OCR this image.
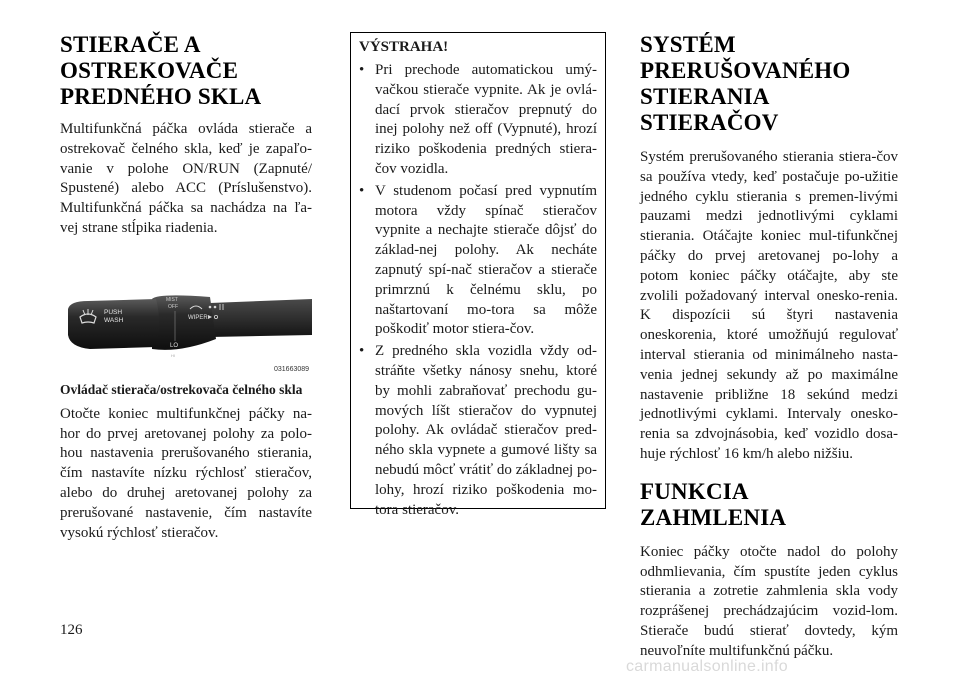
STIERAČE A
OSTREKOVAČE
PREDNÉHO SKLA

Multifunkčná páčka ovláda stierače a ostrekovač čelného skla, keď je zapaľo-vanie v polohe ON/RUN (Zapnuté/ Spustené) alebo ACC (Príslušenstvo). Multifunkčná páčka sa nachádza na ľa-vej strane stĺpika riadenia.

PUSH
WASH
MIST
OFF
WIPER
LO
HI
031663089
Ovládač stierača/ostrekovača čelného skla

Otočte koniec multifunkčnej páčky na-hor do prvej aretovanej polohy za polo-hou nastavenia prerušovaného stierania, čím nastavíte nízku rýchlosť stieračov, alebo do druhej aretovanej polohy za prerušované nastavenie, čím nastavíte vysokú rýchlosť stieračov.

VÝSTRAHA!
• Pri prechode automatickou umý-vačkou stierače vypnite. Ak je ovlá-dací prvok stieračov prepnutý do inej polohy než off (Vypnuté), hrozí riziko poškodenia predných stiera-čov vozidla.
• V studenom počasí pred vypnutím motora vždy spínač stieračov vypnite a nechajte stierače dôjsť do základ-nej polohy. Ak necháte zapnutý spí-nač stieračov a stierače primrznú k čelnému sklu, po naštartovaní mo-tora sa môže poškodiť motor stiera-čov.
• Z predného skla vozidla vždy od-stráňte všetky nánosy snehu, ktoré by mohli zabraňovať prechodu gu-mových líšt stieračov do vypnutej polohy. Ak ovládač stieračov pred-ného skla vypnete a gumové lišty sa nebudú môcť vrátiť do základnej po-lohy, hrozí riziko poškodenia mo-tora stieračov.
SYSTÉM
PRERUŠOVANÉHO
STIERANIA STIERAČOV

Systém prerušovaného stierania stiera-čov sa používa vtedy, keď postačuje po-užitie jedného cyklu stierania s premen-livými pauzami medzi jednotlivými cyklami stierania. Otáčajte koniec mul-tifunkčnej páčky do prvej aretovanej po-lohy a potom koniec páčky otáčajte, aby ste zvolili požadovaný interval onesko-renia. K dispozícii sú štyri nastavenia oneskorenia, ktoré umožňujú regulovať interval stierania od minimálneho nasta-venia jednej sekundy až po maximálne nastavenie približne 18 sekúnd medzi jednotlivými cyklami. Intervaly onesko-renia sa zdvojnásobia, keď vozidlo dosa-huje rýchlosť 16 km/h alebo nižšiu.

FUNKCIA ZAHMLENIA

Koniec páčky otočte nadol do polohy odhmlievania, čím spustíte jeden cyklus stierania a zotretie zahmlenia skla vody rozprášenej prechádzajúcim vozid-lom. Stierače budú stierať dovtedy, kým neuvoľníte multifunkčnú páčku.

126
carmanualsonline.info
